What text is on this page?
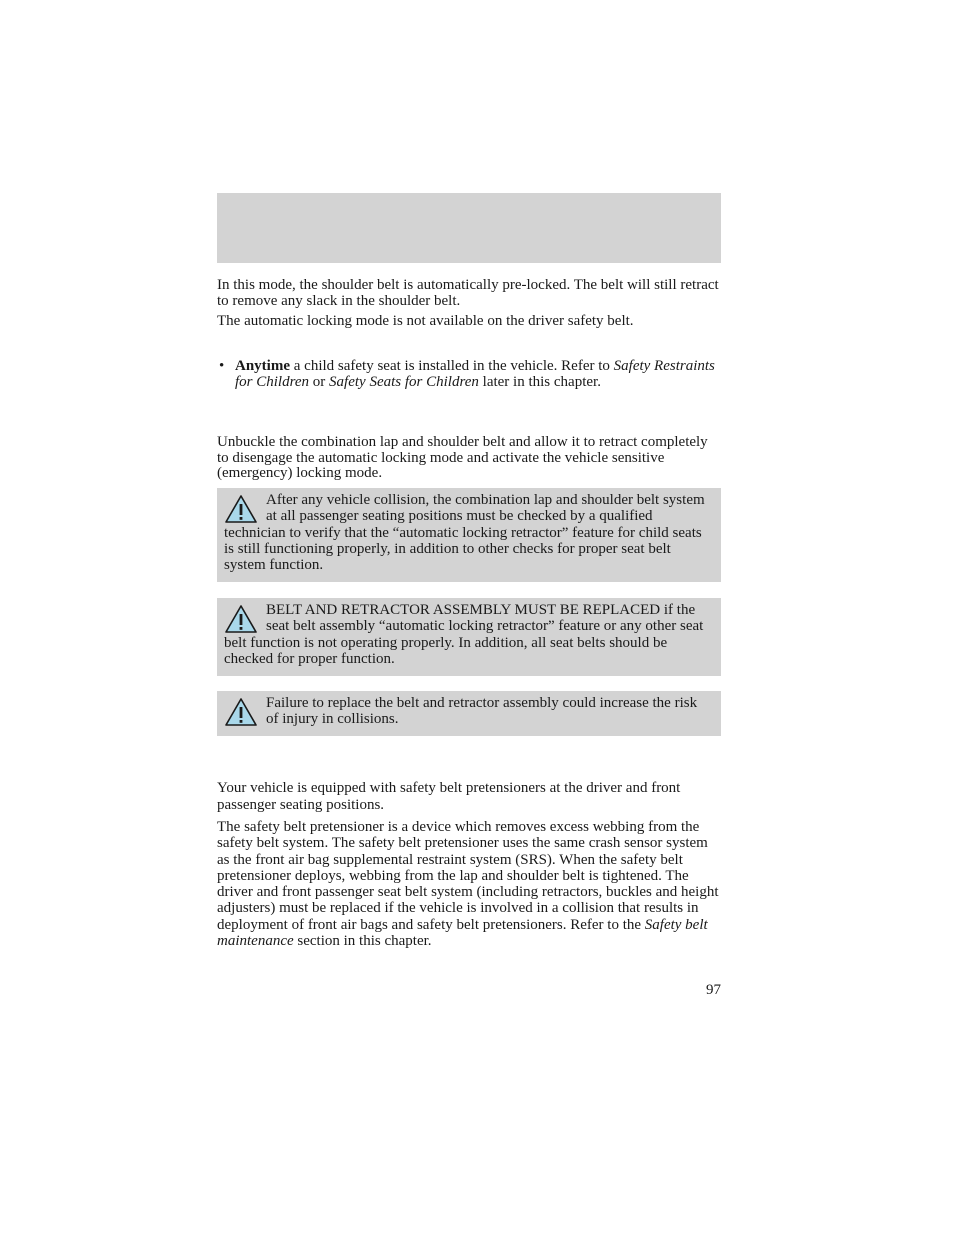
In this mode, the shoulder belt is automatically pre-locked. The belt will still retract to remove any slack in the shoulder belt.

The automatic locking mode is not available on the driver safety belt.

• Anytime a child safety seat is installed in the vehicle. Refer to Safety Restraints for Children or Safety Seats for Children later in this chapter.

Unbuckle the combination lap and shoulder belt and allow it to retract completely to disengage the automatic locking mode and activate the vehicle sensitive (emergency) locking mode.

After any vehicle collision, the combination lap and shoulder belt system at all passenger seating positions must be checked by a qualified technician to verify that the “automatic locking retractor” feature for child seats is still functioning properly, in addition to other checks for proper seat belt system function.
BELT AND RETRACTOR ASSEMBLY MUST BE REPLACED if the seat belt assembly “automatic locking retractor” feature or any other seat belt function is not operating properly. In addition, all seat belts should be checked for proper function.
Failure to replace the belt and retractor assembly could increase the risk of injury in collisions.

Your vehicle is equipped with safety belt pretensioners at the driver and front passenger seating positions.

The safety belt pretensioner is a device which removes excess webbing from the safety belt system. The safety belt pretensioner uses the same crash sensor system as the front air bag supplemental restraint system (SRS). When the safety belt pretensioner deploys, webbing from the lap and shoulder belt is tightened. The driver and front passenger seat belt system (including retractors, buckles and height adjusters) must be replaced if the vehicle is involved in a collision that results in deployment of front air bags and safety belt pretensioners. Refer to the Safety belt maintenance section in this chapter.

97
